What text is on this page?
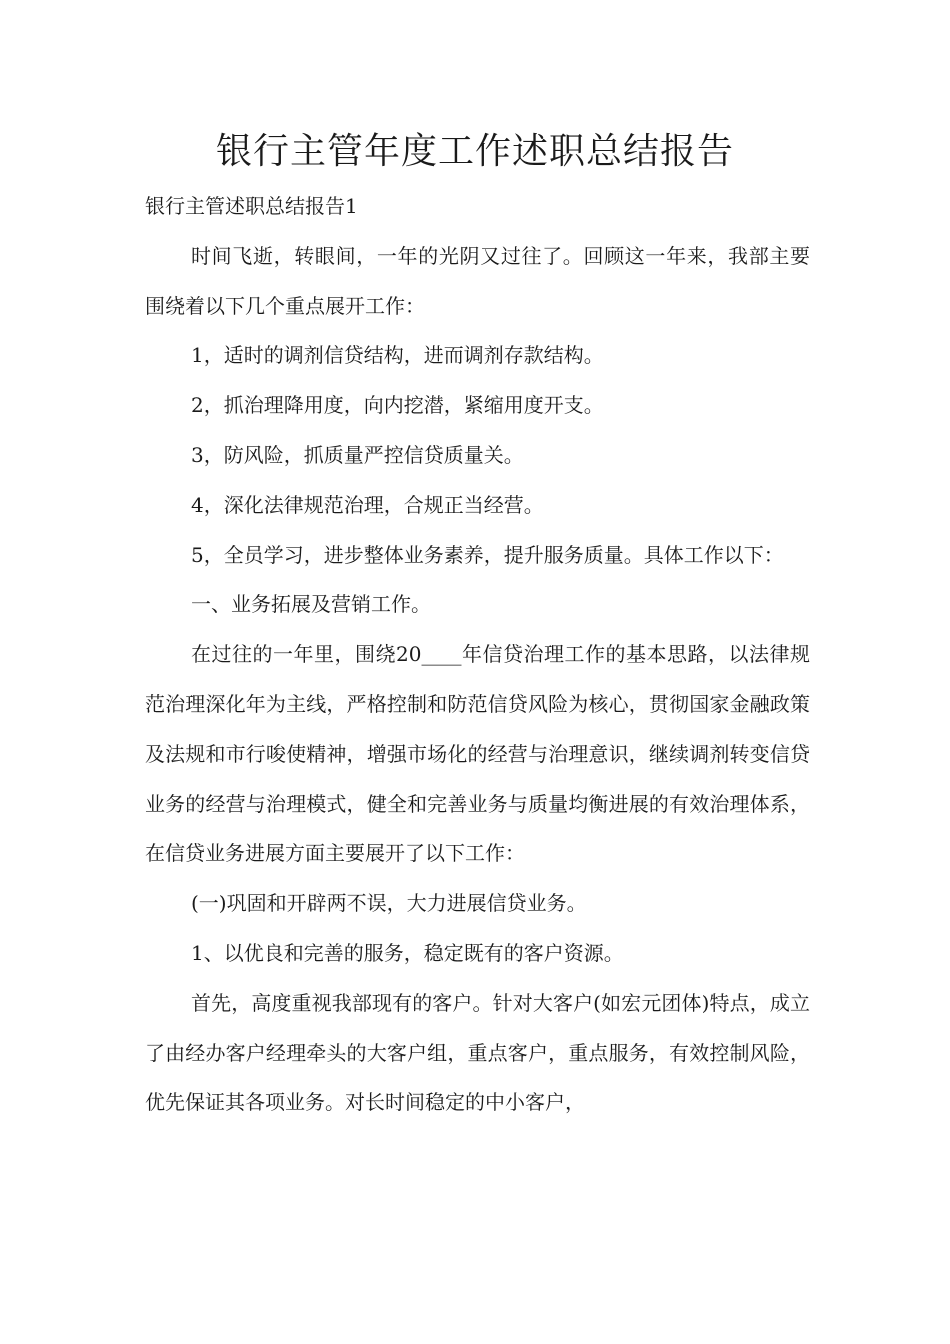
银行主管年度工作述职总结报告

银行主管述职总结报告1

时间飞逝，转眼间，一年的光阴又过往了。回顾这一年来，我部主要围绕着以下几个重点展开工作：

1，适时的调剂信贷结构，进而调剂存款结构。

2，抓治理降用度，向内挖潜，紧缩用度开支。

3，防风险，抓质量严控信贷质量关。

4，深化法律规范治理，合规正当经营。

5，全员学习，进步整体业务素养，提升服务质量。具体工作以下：

一、业务拓展及营销工作。

在过往的一年里，围绕20____年信贷治理工作的基本思路，以法律规范治理深化年为主线，严格控制和防范信贷风险为核心，贯彻国家金融政策及法规和市行唆使精神，增强市场化的经营与治理意识，继续调剂转变信贷业务的经营与治理模式，健全和完善业务与质量均衡进展的有效治理体系，在信贷业务进展方面主要展开了以下工作：

(一)巩固和开辟两不误，大力进展信贷业务。

1、以优良和完善的服务，稳定既有的客户资源。

首先，高度重视我部现有的客户。针对大客户(如宏元团体)特点，成立了由经办客户经理牵头的大客户组，重点客户，重点服务，有效控制风险，优先保证其各项业务。对长时间稳定的中小客户，
